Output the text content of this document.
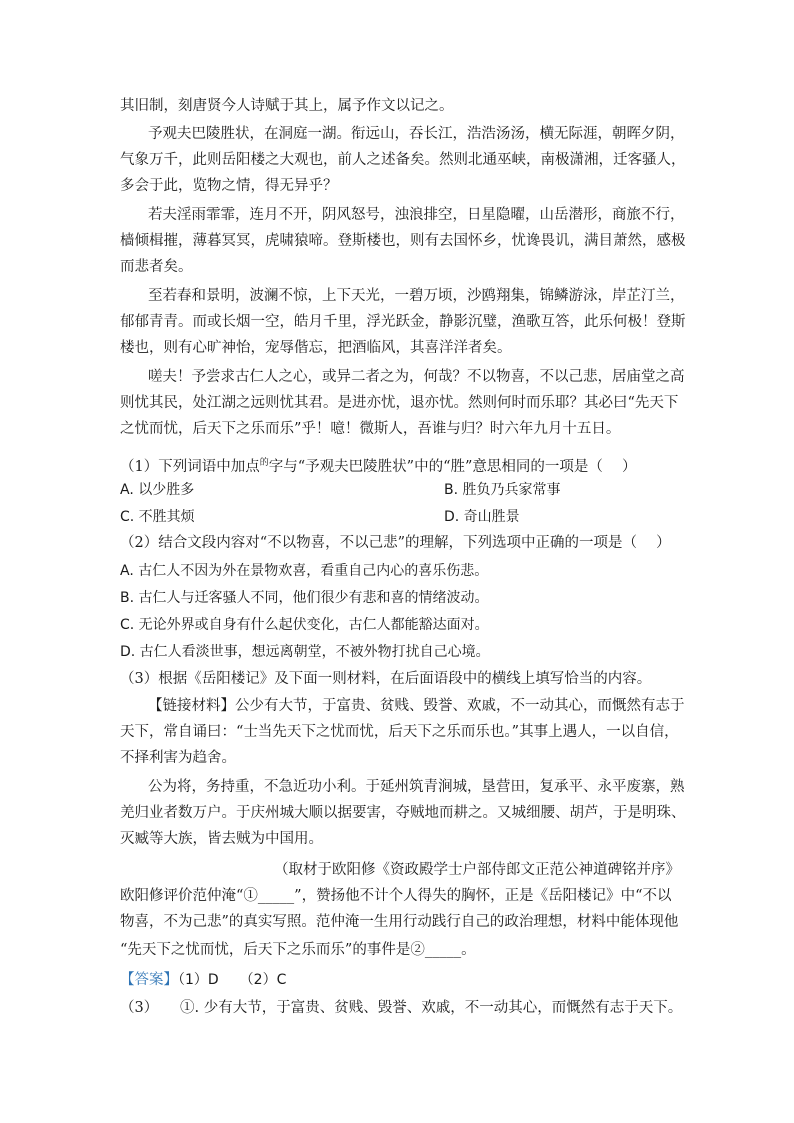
其旧制，刻唐贤今人诗赋于其上，属予作文以记之。
予观夫巴陵胜状，在洞庭一湖。衔远山，吞长江，浩浩汤汤，横无际涯，朝晖夕阴，
气象万千，此则岳阳楼之大观也，前人之述备矣。然则北通巫峡，南极潇湘，迁客骚人，
多会于此，览物之情，得无异乎？
若夫淫雨霏霏，连月不开，阴风怒号，浊浪排空，日星隐曜，山岳潜形，商旅不行，
樯倾楫摧，薄暮冥冥，虎啸猿啼。登斯楼也，则有去国怀乡，忧谗畏讥，满目萧然，感极
而悲者矣。
至若春和景明，波澜不惊，上下天光，一碧万顷，沙鸥翔集，锦鳞游泳，岸芷汀兰，
郁郁青青。而或长烟一空，皓月千里，浮光跃金，静影沉璧，渔歌互答，此乐何极！登斯
楼也，则有心旷神怡，宠辱偕忘，把酒临风，其喜洋洋者矣。
嗟夫！予尝求古仁人之心，或异二者之为，何哉？不以物喜，不以己悲，居庙堂之高
则忧其民，处江湖之远则忧其君。是进亦忧，退亦忧。然则何时而乐耶？其必曰“先天下
之忧而忧，后天下之乐而乐”乎！噫！微斯人，吾谁与归？时六年九月十五日。
（1）下列词语中加点$^的$字与“予观夫巴陵胜状”中的“胜”意思相同的一项是（　 ）
A. 以少胜多	B. 胜负乃兵家常事
C. 不胜其烦	D. 奇山胜景
（2）结合文段内容对“不以物喜，不以己悲”的理解，下列选项中正确的一项是（　 ）
A. 古仁人不因为外在景物欢喜，看重自己内心的喜乐伤悲。
B. 古仁人与迁客骚人不同，他们很少有悲和喜的情绪波动。
C. 无论外界或自身有什么起伏变化，古仁人都能豁达面对。
D. 古仁人看淡世事，想远离朝堂，不被外物打扰自己心境。
（3）根据《岳阳楼记》及下面一则材料，在后面语段中的横线上填写恰当的内容。
【链接材料】公少有大节，于富贵、贫贱、毁誉、欢戚，不一动其心，而慨然有志于
天下，常自诵曰：“士当先天下之忧而忧，后天下之乐而乐也。”其事上遇人，一以自信，
不择利害为趋舍。
公为将，务持重，不急近功小利。于延州筑青涧城，垦营田，复承平、永平废寨，熟
羌归业者数万户。于庆州城大顺以据要害，夺贼地而耕之。又城细腰、胡芦，于是明珠、
灭臧等大族，皆去贼为中国用。
（取材于欧阳修《资政殿学士户部侍郎文正范公神道碑铭并序》
欧阳修评价范仲淹“①_____”，赞扬他不计个人得失的胸怀，正是《岳阳楼记》中“不以
物喜，不为己悲”的真实写照。范仲淹一生用行动践行自己的政治理想，材料中能体现他
“先天下之忧而忧，后天下之乐而乐”的事件是②_____。
【答案】（1）D　　（2）C
（3）　　①. 少有大节，于富贵、贫贱、毁誉、欢戚，不一动其心，而慨然有志于天下。
